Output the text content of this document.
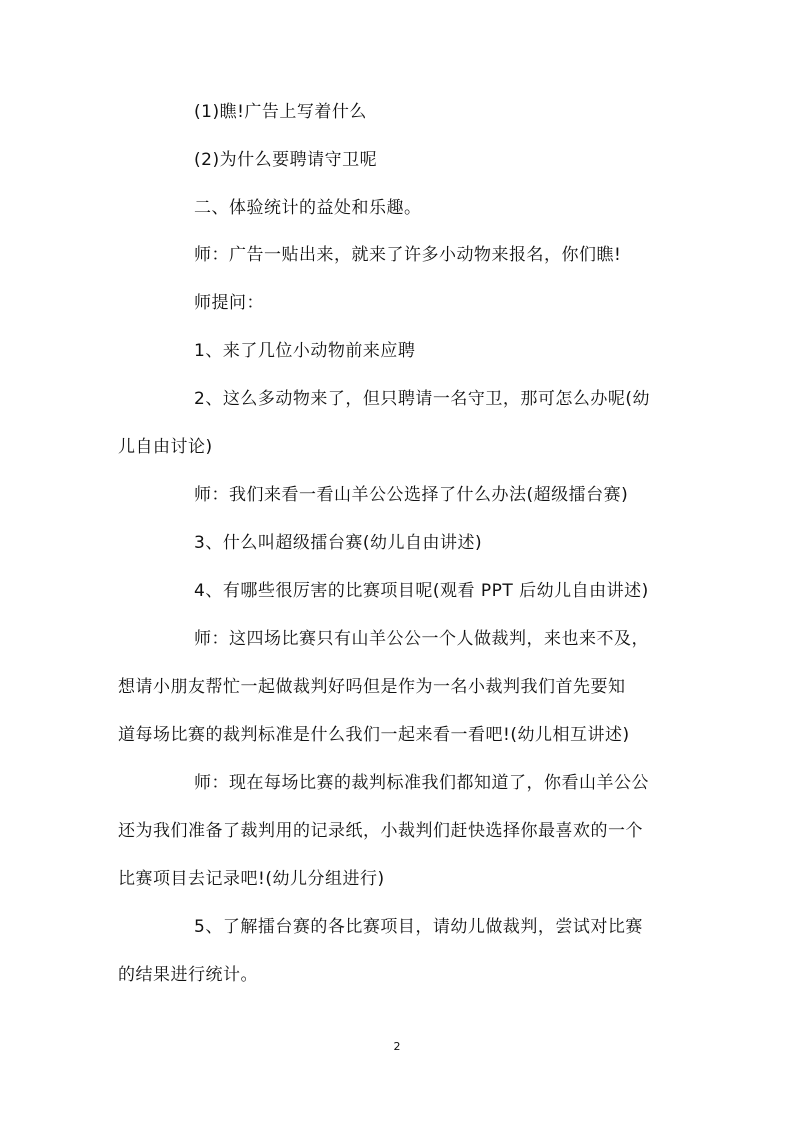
(1)瞧!广告上写着什么
(2)为什么要聘请守卫呢
二、体验统计的益处和乐趣。
师：广告一贴出来，就来了许多小动物来报名，你们瞧!
师提问：
1、来了几位小动物前来应聘
2、这么多动物来了，但只聘请一名守卫，那可怎么办呢(幼
儿自由讨论)
师：我们来看一看山羊公公选择了什么办法(超级擂台赛)
3、什么叫超级擂台赛(幼儿自由讲述)
4、有哪些很厉害的比赛项目呢(观看 PPT 后幼儿自由讲述)
师：这四场比赛只有山羊公公一个人做裁判，来也来不及，
想请小朋友帮忙一起做裁判好吗但是作为一名小裁判我们首先要知
道每场比赛的裁判标准是什么我们一起来看一看吧!(幼儿相互讲述)
师：现在每场比赛的裁判标准我们都知道了，你看山羊公公
还为我们准备了裁判用的记录纸，小裁判们赶快选择你最喜欢的一个
比赛项目去记录吧!(幼儿分组进行)
5、了解擂台赛的各比赛项目，请幼儿做裁判，尝试对比赛
的结果进行统计。
2
